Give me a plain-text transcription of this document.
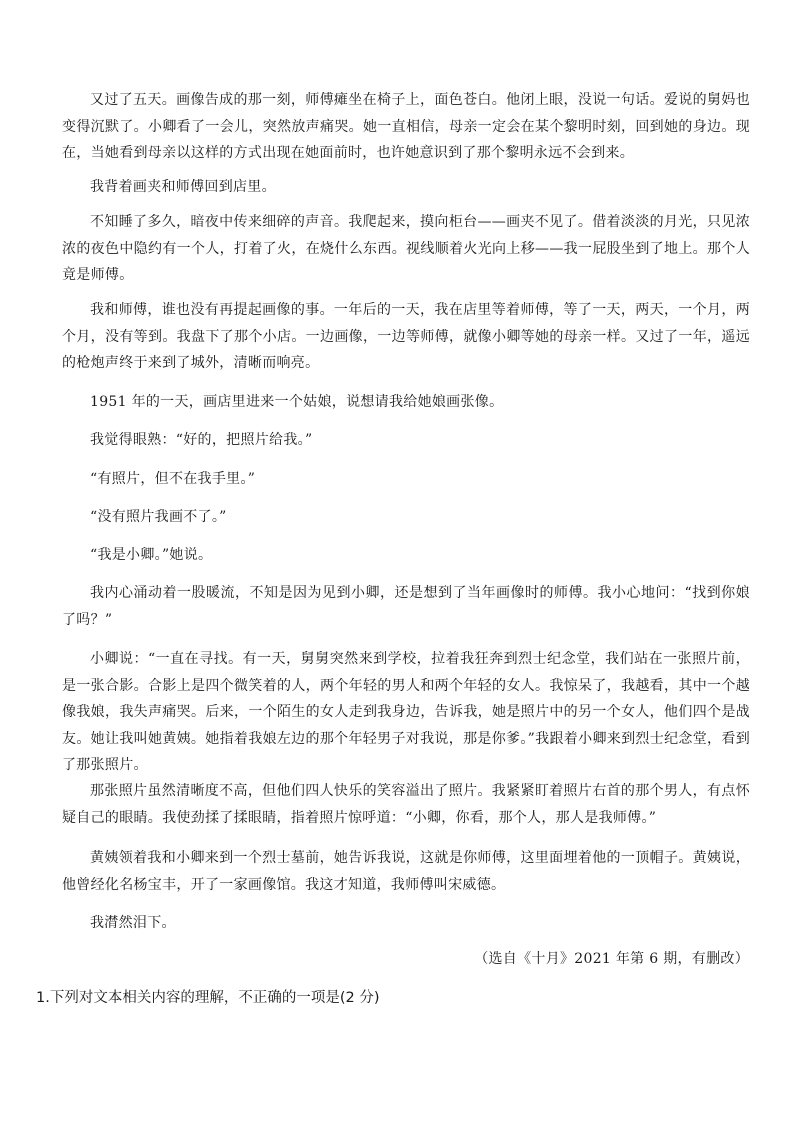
又过了五天。画像告成的那一刻，师傅瘫坐在椅子上，面色苍白。他闭上眼，没说一句话。爱说的舅妈也变得沉默了。小卿看了一会儿，突然放声痛哭。她一直相信，母亲一定会在某个黎明时刻，回到她的身边。现在，当她看到母亲以这样的方式出现在她面前时，也许她意识到了那个黎明永远不会到来。

我背着画夹和师傅回到店里。

不知睡了多久，暗夜中传来细碎的声音。我爬起来，摸向柜台——画夹不见了。借着淡淡的月光，只见浓浓的夜色中隐约有一个人，打着了火，在烧什么东西。视线顺着火光向上移——我一屁股坐到了地上。那个人竟是师傅。

我和师傅，谁也没有再提起画像的事。一年后的一天，我在店里等着师傅，等了一天，两天，一个月，两个月，没有等到。我盘下了那个小店。一边画像，一边等师傅，就像小卿等她的母亲一样。又过了一年，遥远的枪炮声终于来到了城外，清晰而响亮。

1951 年的一天，画店里进来一个姑娘，说想请我给她娘画张像。

我觉得眼熟：“好的，把照片给我。”

“有照片，但不在我手里。”

“没有照片我画不了。”

“我是小卿。”她说。

我内心涌动着一股暖流，不知是因为见到小卿，还是想到了当年画像时的师傅。我小心地问：“找到你娘了吗？”

小卿说：“一直在寻找。有一天，舅舅突然来到学校，拉着我狂奔到烈士纪念堂，我们站在一张照片前，是一张合影。合影上是四个微笑着的人，两个年轻的男人和两个年轻的女人。我惊呆了，我越看，其中一个越像我娘，我失声痛哭。后来，一个陌生的女人走到我身边，告诉我，她是照片中的另一个女人，他们四个是战友。她让我叫她黄姨。她指着我娘左边的那个年轻男子对我说，那是你爹。”我跟着小卿来到烈士纪念堂，看到了那张照片。

那张照片虽然清晰度不高，但他们四人快乐的笑容溢出了照片。我紧紧盯着照片右首的那个男人，有点怀疑自己的眼睛。我使劲揉了揉眼睛，指着照片惊呼道：“小卿，你看，那个人，那人是我师傅。”

黄姨领着我和小卿来到一个烈士墓前，她告诉我说，这就是你师傅，这里面埋着他的一顶帽子。黄姨说，他曾经化名杨宝丰，开了一家画像馆。我这才知道，我师傅叫宋威德。

我潸然泪下。

（选自《十月》2021 年第 6 期，有删改）

1.下列对文本相关内容的理解，不正确的一项是(2 分)
